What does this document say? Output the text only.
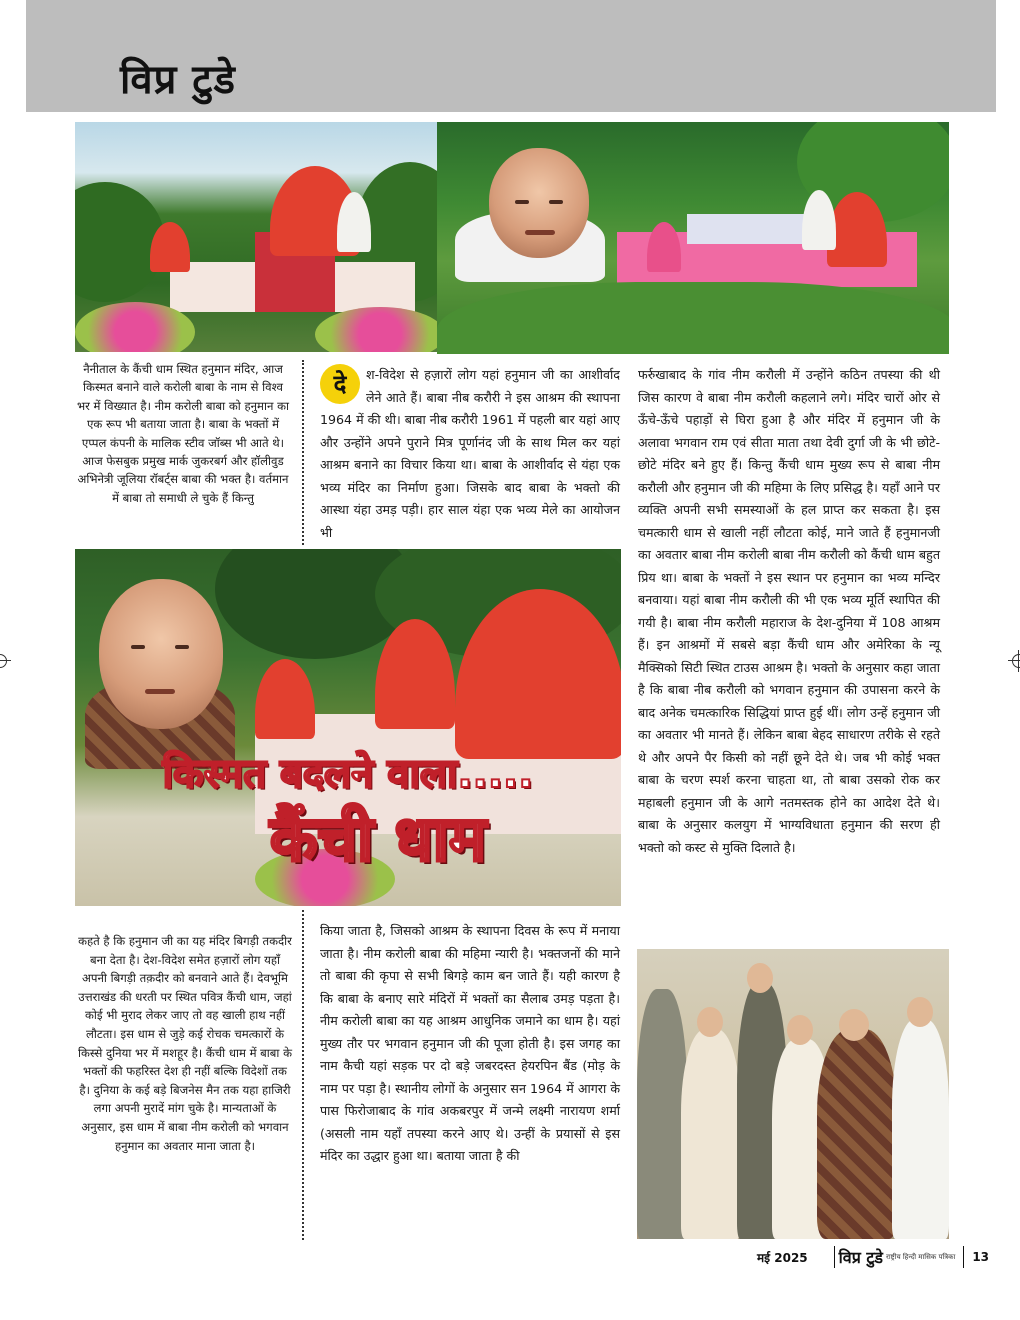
विप्र टुडे
नैनीताल के कैंची धाम स्थित हनुमान मंदिर, आज किस्मत बनाने वाले करोली बाबा के नाम से विश्व भर में विख्यात है। नीम करोली बाबा को हनुमान का एक रूप भी बताया जाता है। बाबा के भक्तों में एप्पल कंपनी के मालिक स्टीव जॉब्स भी आते थे। आज फेसबुक प्रमुख मार्क जुकरबर्ग और हॉलीवुड अभिनेत्री जूलिया रॉबर्ट्स बाबा की भक्त है। वर्तमान में बाबा तो समाधी ले चुके हैं किन्तु
दे	श-विदेश से हज़ारों लोग यहां हनुमान जी का आशीर्वाद लेने आते हैं। बाबा नीब करौरी ने इस आश्रम की स्थापना 1964 में की थी। बाबा नीब करौरी 1961 में पहली बार यहां आए और उन्होंने अपने पुराने मित्र पूर्णानंद जी के साथ मिल कर यहां आश्रम बनाने का विचार किया था। बाबा के आशीर्वाद से यंहा एक भव्य मंदिर का निर्माण हुआ। जिसके बाद बाबा के भक्तो की आस्था यंहा उमड़ पड़ी। हार साल यंहा एक भव्य मेले का आयोजन भी
फर्रुखाबाद के गांव नीम करौली में उन्होंने कठिन तपस्या की थी जिस कारण वे बाबा नीम करौली कहलाने लगे। मंदिर चारों ओर से ऊँचे-ऊँचे पहाड़ों से घिरा हुआ है और मंदिर में हनुमान जी के अलावा भगवान राम एवं सीता माता तथा देवी दुर्गा जी के भी छोटे-छोटे मंदिर बने हुए हैं। किन्तु कैंची धाम मुख्य रूप से बाबा नीम करौली और हनुमान जी की महिमा के लिए प्रसिद्ध है। यहाँ आने पर व्यक्ति अपनी सभी समस्याओं के हल प्राप्त कर सकता है। इस चमत्कारी धाम से खाली नहीं लौटता कोई, माने जाते हैं हनुमानजी का अवतार बाबा नीम करोली बाबा नीम करौली को कैंची धाम बहुत प्रिय था। बाबा के भक्तों ने इस स्थान पर हनुमान का भव्य मन्दिर बनवाया। यहां बाबा नीम करौली की भी एक भव्य मूर्ति स्थापित की गयी है। बाबा नीम करौली महाराज के देश-दुनिया में 108 आश्रम हैं। इन आश्रमों में सबसे बड़ा कैंची धाम और अमेरिका के न्यू मैक्सिको सिटी स्थित टाउस आश्रम है। भक्तो के अनुसार कहा जाता है कि बाबा नीब करौली को भगवान हनुमान की उपासना करने के बाद अनेक चमत्कारिक सिद्धियां प्राप्त हुई थीं। लोग उन्हें हनुमान जी का अवतार भी मानते हैं। लेकिन बाबा बेहद साधारण तरीके से रहते थे और अपने पैर किसी को नहीं छूने देते थे। जब भी कोई भक्त बाबा के चरण स्पर्श करना चाहता था, तो बाबा उसको रोक कर महाबली हनुमान जी के आगे नतमस्तक होने का आदेश देते थे। बाबा के अनुसार कलयुग में भाग्यविधाता हनुमान की सरण ही भक्तो को कस्ट से मुक्ति दिलाते है।
किस्मत बदलने वाला.....
कैंची धाम
कहते है कि हनुमान जी का यह मंदिर बिगड़ी तकदीर बना देता है। देश-विदेश समेत हज़ारों लोग यहाँ अपनी बिगड़ी तक़दीर को बनवाने आते हैं। देवभूमि उत्तराखंड की धरती पर स्थित पवित्र कैंची धाम, जहां कोई भी मुराद लेकर जाए तो वह खाली हाथ नहीं लौटता। इस धाम से जुड़े कई रोचक चमत्कारों के किस्से दुनिया भर में मशहूर है। कैंची धाम में बाबा के भक्तों की फहरिस्त देश ही नहीं बल्कि विदेशों तक है। दुनिया के कई बड़े बिजनेस मैन तक यहा हाजिरी लगा अपनी मुरादें मांग चुके है। मान्यताओं के अनुसार, इस धाम में बाबा नीम करोली को भगवान हनुमान का अवतार माना जाता है।
किया जाता है, जिसको आश्रम के स्थापना दिवस के रूप में मनाया जाता है। नीम करोली बाबा की महिमा न्यारी है। भक्तजनों की माने तो बाबा की कृपा से सभी बिगड़े काम बन जाते हैं। यही कारण है कि बाबा के बनाए सारे मंदिरों में भक्तों का सैलाब उमड़ पड़ता है। नीम करोली बाबा का यह आश्रम आधुनिक जमाने का धाम है। यहां मुख्य तौर पर भगवान हनुमान जी की पूजा होती है। इस जगह का नाम कैची यहां सड़क पर दो बड़े जबरदस्त हेयरपिन बैंड (मोड़ के नाम पर पड़ा है। स्थानीय लोगों के अनुसार सन 1964 में आगरा के पास फिरोजाबाद के गांव अकबरपुर में जन्मे लक्ष्मी नारायण शर्मा (असली नाम यहाँ तपस्या करने आए थे। उन्हीं के प्रयासों से इस मंदिर का उद्धार हुआ था। बताया जाता है की
मई 2025 विप्र टुडे राष्ट्रीय हिन्दी मासिक पत्रिका 13
